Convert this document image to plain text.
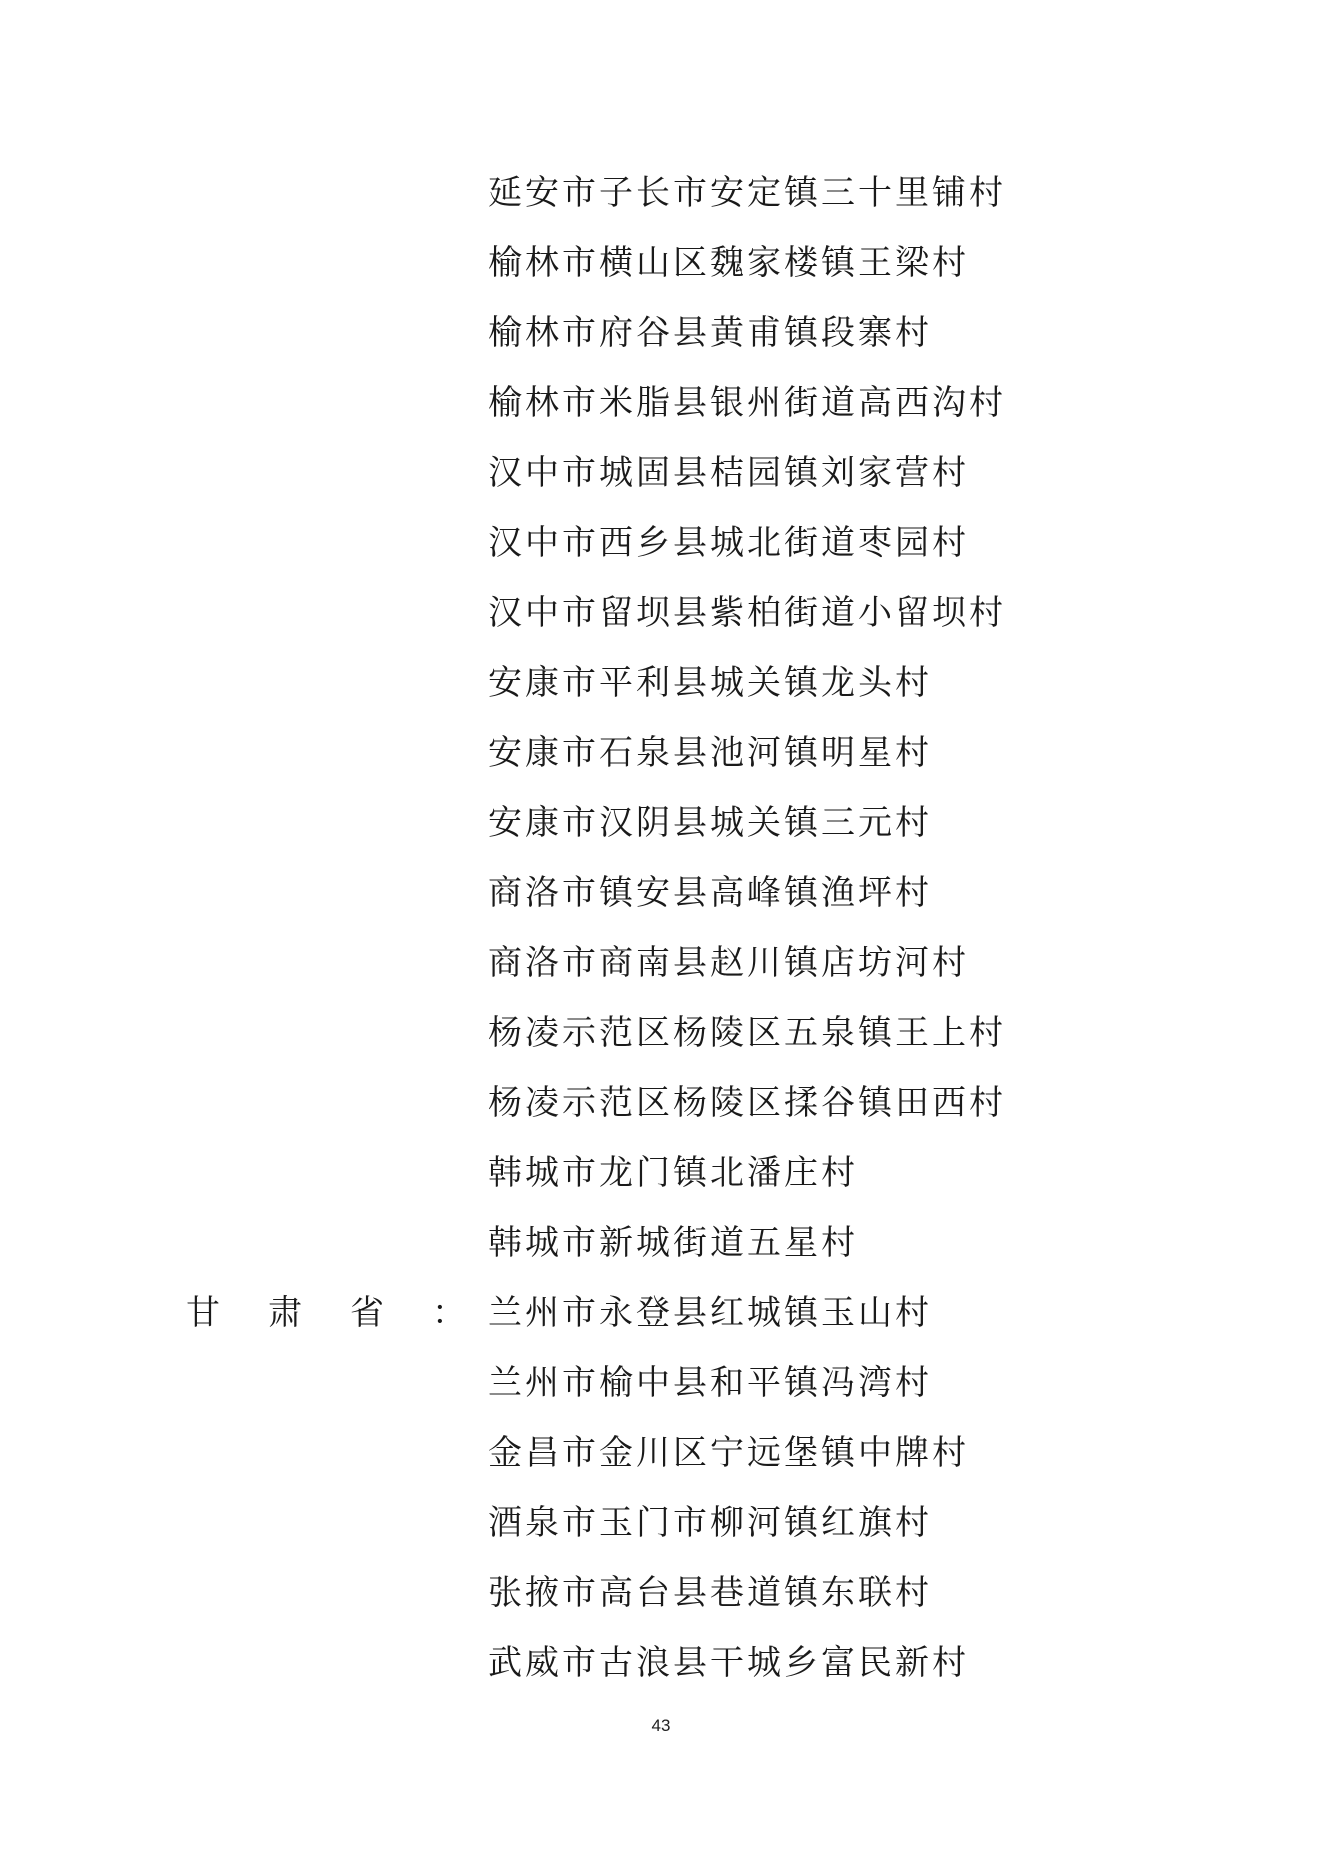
延安市子长市安定镇三十里铺村
榆林市横山区魏家楼镇王梁村
榆林市府谷县黄甫镇段寨村
榆林市米脂县银州街道高西沟村
汉中市城固县桔园镇刘家营村
汉中市西乡县城北街道枣园村
汉中市留坝县紫柏街道小留坝村
安康市平利县城关镇龙头村
安康市石泉县池河镇明星村
安康市汉阴县城关镇三元村
商洛市镇安县高峰镇渔坪村
商洛市商南县赵川镇店坊河村
杨凌示范区杨陵区五泉镇王上村
杨凌示范区杨陵区揉谷镇田西村
韩城市龙门镇北潘庄村
韩城市新城街道五星村
甘 肃 省 ： 兰州市永登县红城镇玉山村
兰州市榆中县和平镇冯湾村
金昌市金川区宁远堡镇中牌村
酒泉市玉门市柳河镇红旗村
张掖市高台县巷道镇东联村
武威市古浪县干城乡富民新村
43
